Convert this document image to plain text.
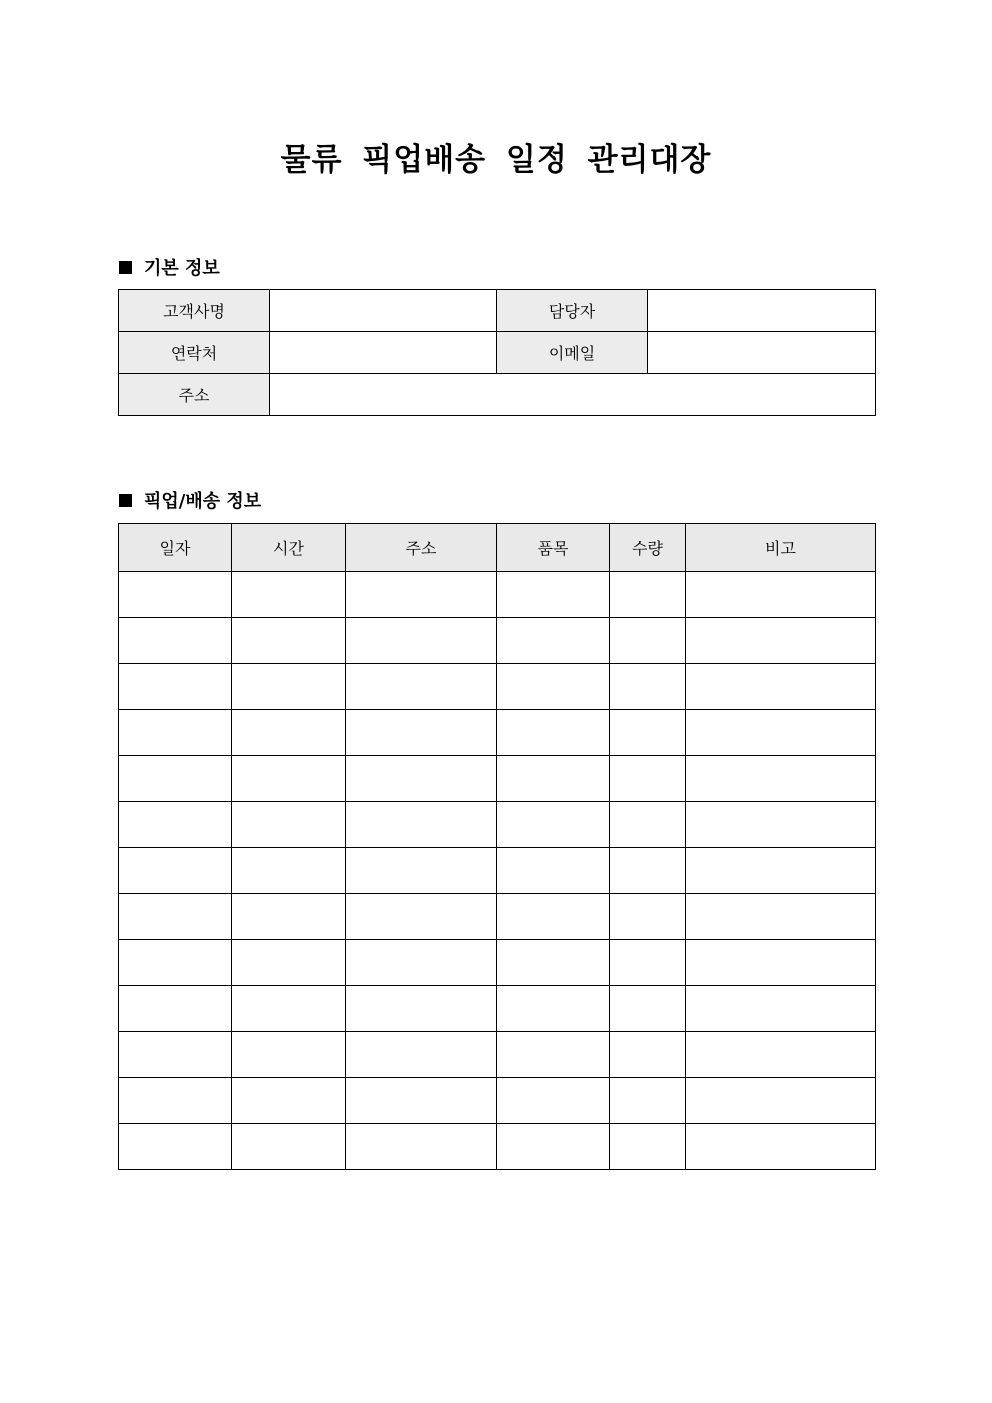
물류 픽업배송 일정 관리대장
기본 정보
고객사명		담당자	
연락처		이메일	
주소			
픽업/배송 정보
일자	시간	주소	품목	수량	비고
